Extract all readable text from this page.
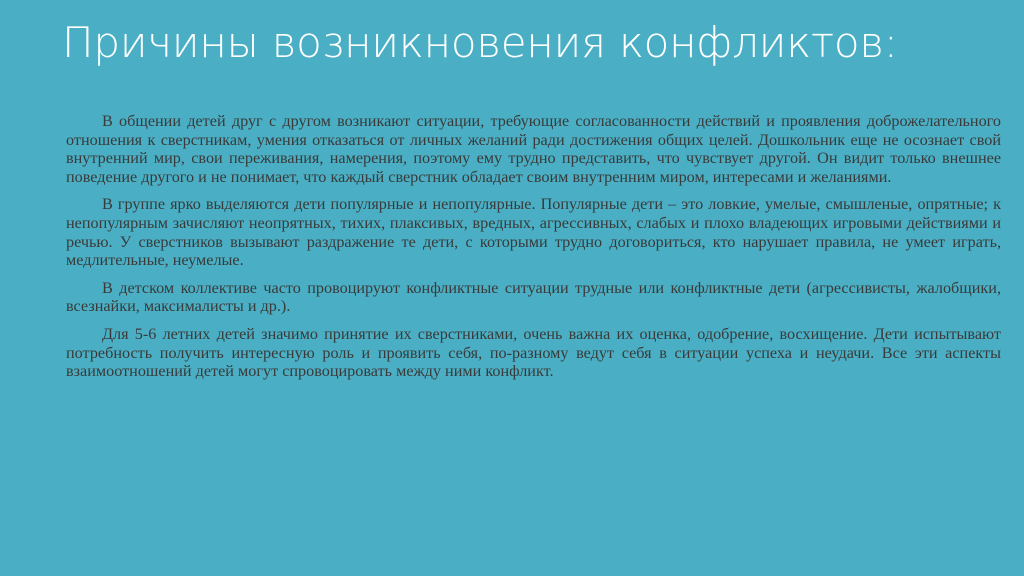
Причины возникновения конфликтов:

В общении детей друг с другом возникают ситуации, требующие согласованности действий и проявления доброжелательного отношения к сверстникам, умения отказаться от личных желаний ради достижения общих целей. Дошкольник еще не осознает свой внутренний мир, свои переживания, намерения, поэтому ему трудно представить, что чувствует другой. Он видит только внешнее поведение другого и не понимает, что каждый сверстник обладает своим внутренним миром, интересами и желаниями.

В группе ярко выделяются дети популярные и непопулярные. Популярные дети – это ловкие, умелые, смышленые, опрятные; к непопулярным зачисляют неопрятных, тихих, плаксивых, вредных, агрессивных, слабых и плохо владеющих игровыми действиями и речью. У сверстников вызывают раздражение те дети, с которыми трудно договориться, кто нарушает правила, не умеет играть, медлительные, неумелые.

В детском коллективе часто провоцируют конфликтные ситуации трудные или конфликтные дети (агрессивисты, жалобщики, всезнайки, максималисты и др.).

Для 5-6 летних детей значимо принятие их сверстниками, очень важна их оценка, одобрение, восхищение. Дети испытывают потребность получить интересную роль и проявить себя, по-разному ведут себя в ситуации успеха и неудачи. Все эти аспекты взаимоотношений детей могут спровоцировать между ними конфликт.
